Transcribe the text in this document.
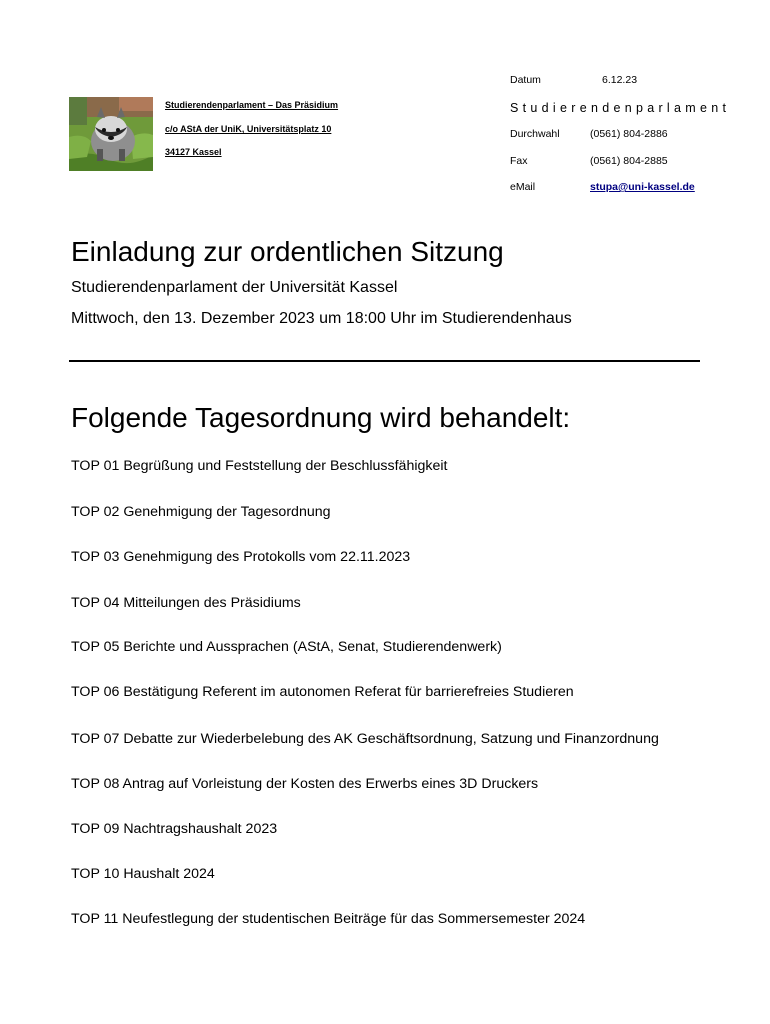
Studierendenparlament – Das Präsidium
c/o AStA der UniK, Universitätsplatz 10
34127 Kassel
Datum	6.12.23
Studierendenparlament
Durchwahl	(0561) 804-2886
Fax	(0561) 804-2885
eMail	stupa@uni-kassel.de
Einladung zur ordentlichen Sitzung
Studierendenparlament der Universität Kassel
Mittwoch, den 13. Dezember 2023 um 18:00 Uhr im Studierendenhaus
Folgende Tagesordnung wird behandelt:
TOP 01 Begrüßung und Feststellung der Beschlussfähigkeit
TOP 02 Genehmigung der Tagesordnung
TOP 03 Genehmigung des Protokolls vom 22.11.2023
TOP 04 Mitteilungen des Präsidiums
TOP 05 Berichte und Aussprachen (AStA, Senat, Studierendenwerk)
TOP 06 Bestätigung Referent im autonomen Referat für barrierefreies Studieren
TOP 07 Debatte zur Wiederbelebung des AK Geschäftsordnung, Satzung und Finanzordnung
TOP 08 Antrag auf Vorleistung der Kosten des Erwerbs eines 3D Druckers
TOP 09 Nachtragshaushalt 2023
TOP 10 Haushalt 2024
TOP 11 Neufestlegung der studentischen Beiträge für das Sommersemester 2024
